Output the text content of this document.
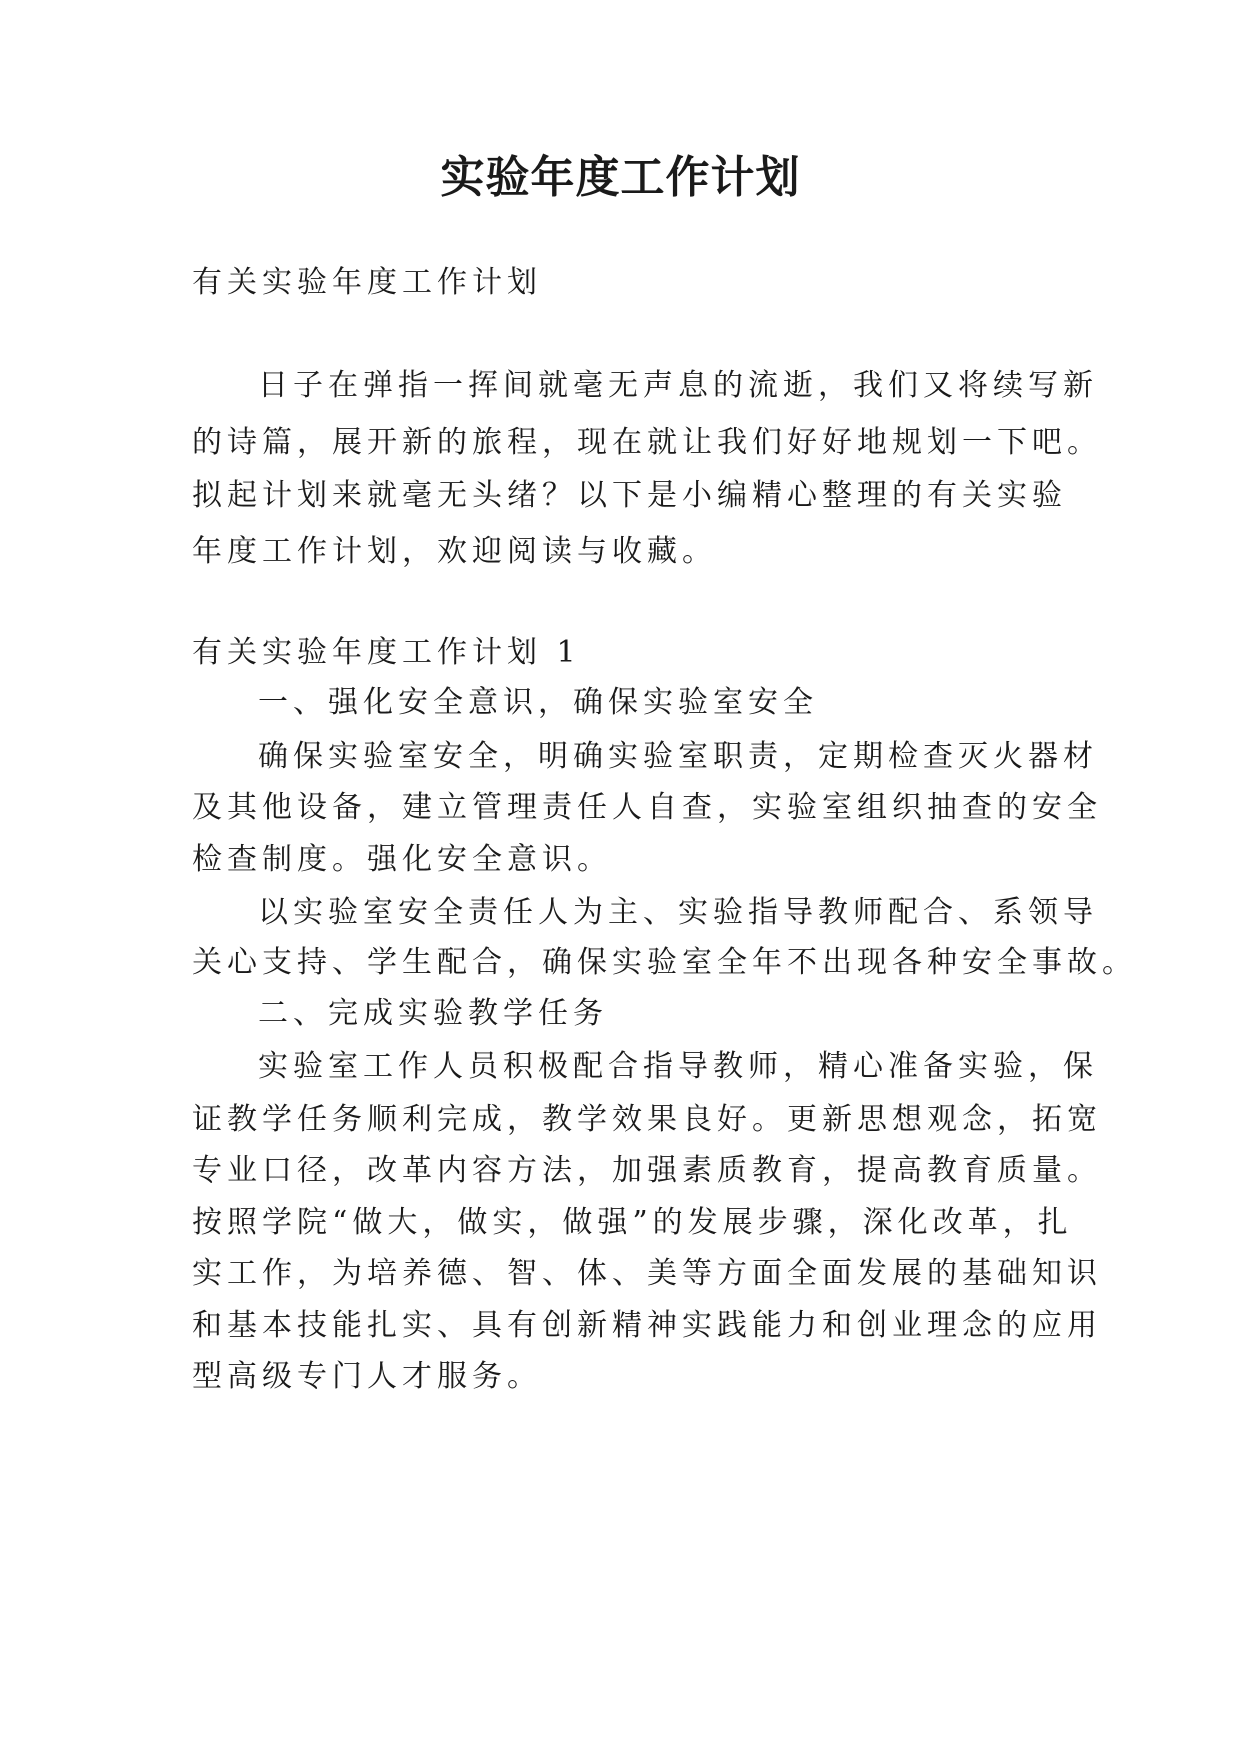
实验年度工作计划

有关实验年度工作计划

日子在弹指一挥间就毫无声息的流逝，我们又将续写新

的诗篇，展开新的旅程，现在就让我们好好地规划一下吧。

拟起计划来就毫无头绪？以下是小编精心整理的有关实验

年度工作计划，欢迎阅读与收藏。

有关实验年度工作计划 1

一、强化安全意识，确保实验室安全

确保实验室安全，明确实验室职责，定期检查灭火器材

及其他设备，建立管理责任人自查，实验室组织抽查的安全

检查制度。强化安全意识。

以实验室安全责任人为主、实验指导教师配合、系领导

关心支持、学生配合，确保实验室全年不出现各种安全事故。

二、完成实验教学任务

实验室工作人员积极配合指导教师，精心准备实验，保

证教学任务顺利完成，教学效果良好。更新思想观念，拓宽

专业口径，改革内容方法，加强素质教育，提高教育质量。

按照学院“做大，做实，做强”的发展步骤，深化改革，扎

实工作，为培养德、智、体、美等方面全面发展的基础知识

和基本技能扎实、具有创新精神实践能力和创业理念的应用

型高级专门人才服务。
